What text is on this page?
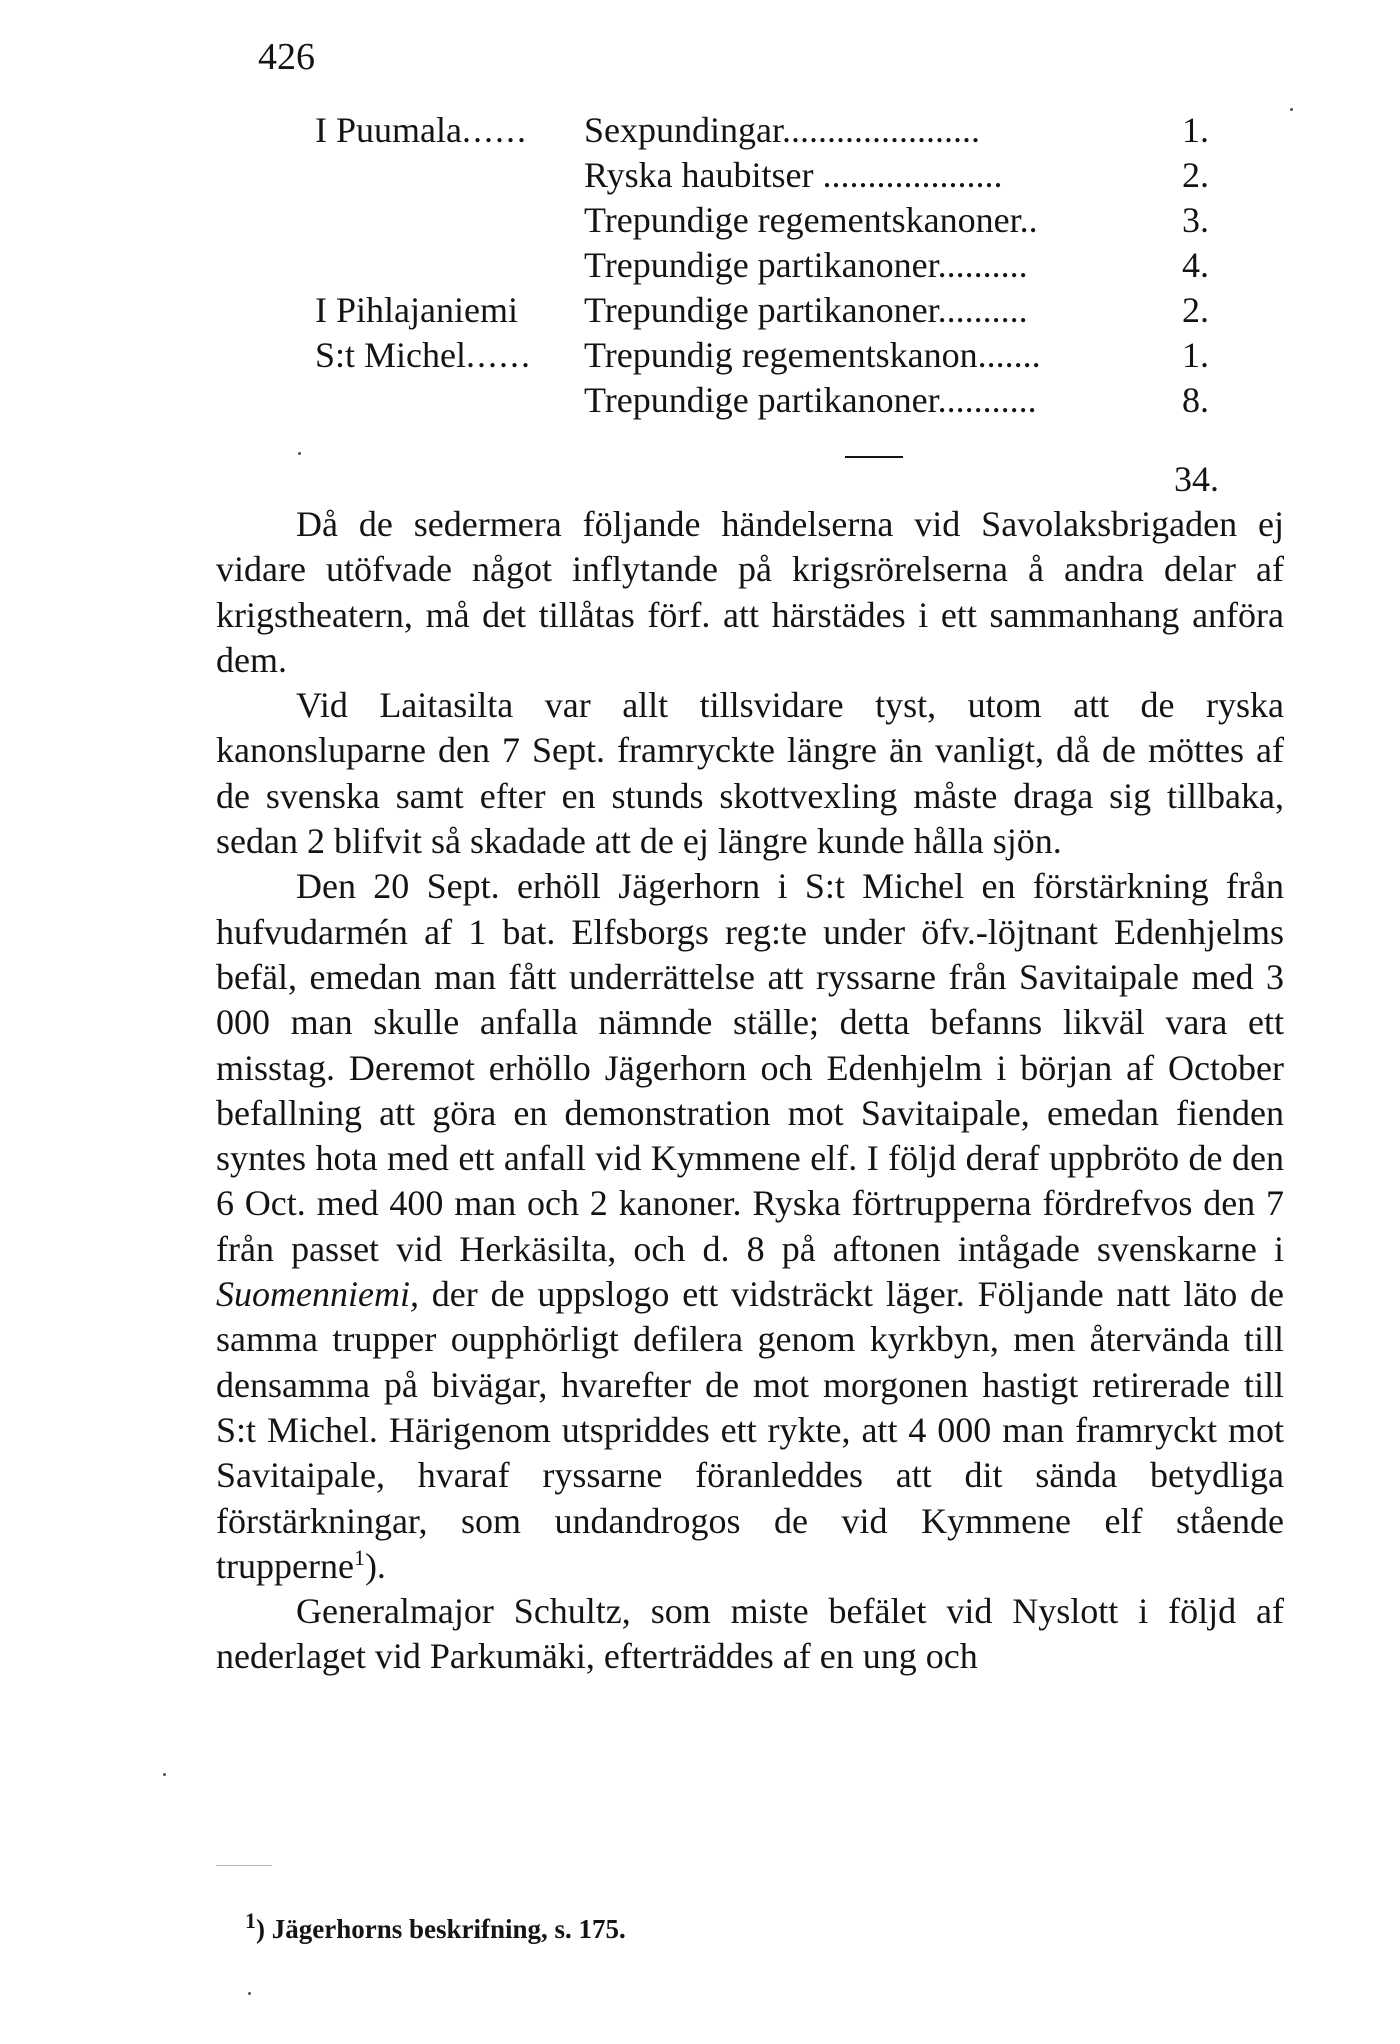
426
I Puumala...... Sexpundingar......................	1.
Ryska haubitser ....................	2.
Trepundige regementskanoner..	3.
Trepundige partikanoner..........	4.
I Pihlajaniemi Trepundige partikanoner..........	2.
S:t Michel...... Trepundig regementskanon.......	1.
Trepundige partikanoner...........	8.
34.

Då de sedermera följande händelserna vid Savolaksbrigaden ej vidare utöfvade något inflytande på krigsrörelserna å andra delar af krigstheatern, må det tillåtas förf. att härstädes i ett sammanhang anföra dem.

Vid Laitasilta var allt tillsvidare tyst, utom att de ryska kanonsluparne den 7 Sept. framryckte längre än vanligt, då de möttes af de svenska samt efter en stunds skottvexling måste draga sig tillbaka, sedan 2 blifvit så skadade att de ej längre kunde hålla sjön.

Den 20 Sept. erhöll Jägerhorn i S:t Michel en förstärkning från hufvudarmén af 1 bat. Elfsborgs reg:te under öfv.-löjtnant Edenhjelms befäl, emedan man fått underrättelse att ryssarne från Savitaipale med 3 000 man skulle anfalla nämnde ställe; detta befanns likväl vara ett misstag. Deremot erhöllo Jägerhorn och Edenhjelm i början af October befallning att göra en demonstration mot Savitaipale, emedan fienden syntes hota med ett anfall vid Kymmene elf. I följd deraf uppbröto de den 6 Oct. med 400 man och 2 kanoner. Ryska förtrupperna fördrefvos den 7 från passet vid Herkäsilta, och d. 8 på aftonen intågade svenskarne i Suomenniemi, der de uppslogo ett vidsträckt läger. Följande natt läto de samma trupper oupphörligt defilera genom kyrkbyn, men återvända till densamma på bivägar, hvarefter de mot morgonen hastigt retirerade till S:t Michel. Härigenom utspriddes ett rykte, att 4 000 man framryckt mot Savitaipale, hvaraf ryssarne föranleddes att dit sända betydliga förstärkningar, som undandrogos de vid Kymmene elf stående trupperne$^1$).

Generalmajor Schultz, som miste befälet vid Nyslott i följd af nederlaget vid Parkumäki, efterträddes af en ung och

$^1$) Jägerhorns beskrifning, s. 175.
